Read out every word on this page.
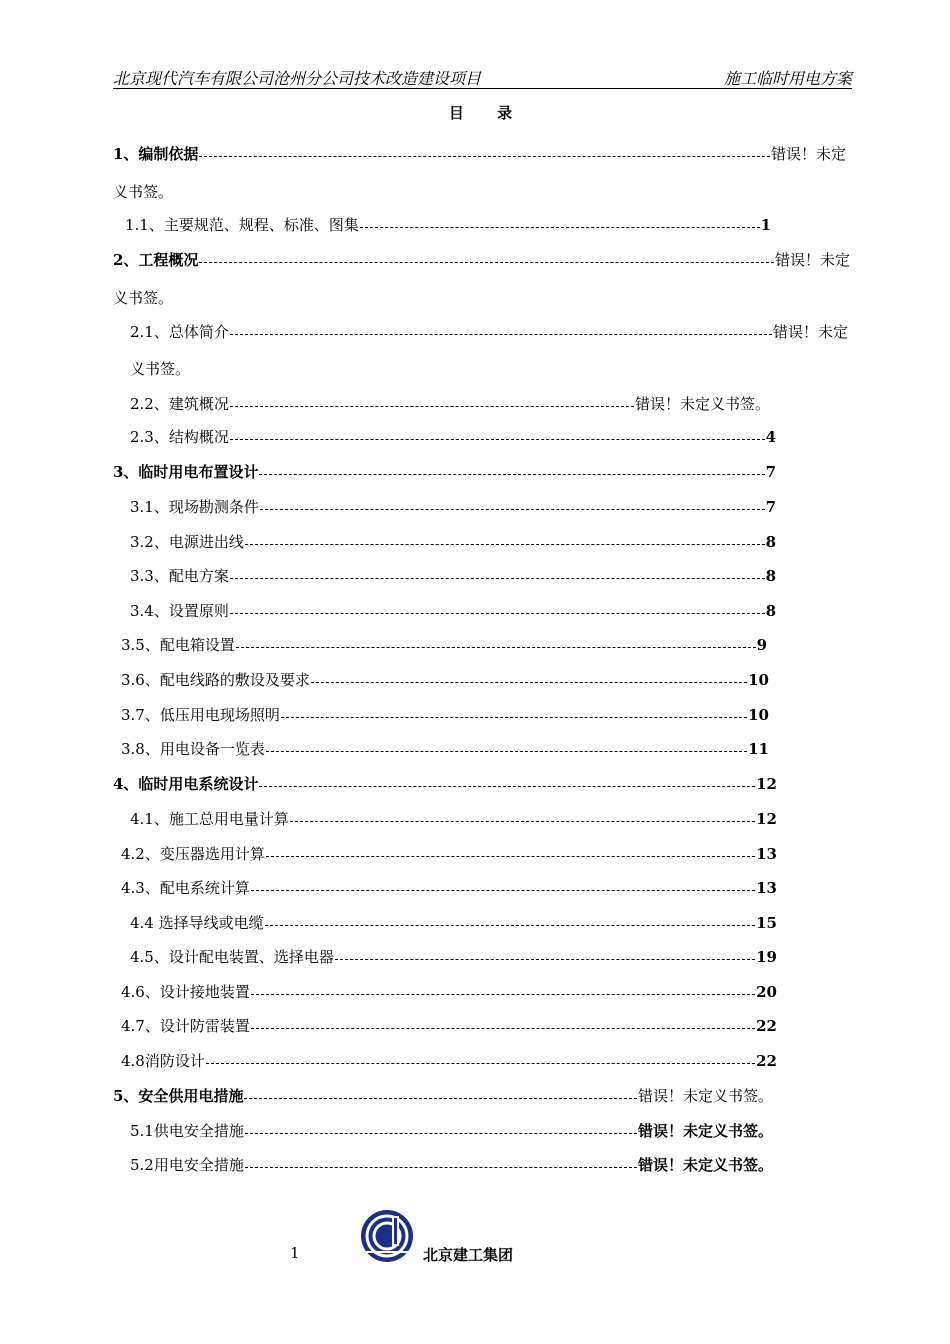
北京现代汽车有限公司沧州分公司技术改造建设项目	施工临时用电方案
目 录
1、编制依据	错误！未定
义书签。
1.1、主要规范、规程、标准、图集	1
2、工程概况	错误！未定
义书签。
2.1、总体简介	错误！未定
义书签。
2.2、建筑概况	错误！未定义书签。
2.3、结构概况	4
3、临时用电布置设计	7
3.1、现场勘测条件	7
3.2、电源进出线	8
3.3、配电方案	8
3.4、设置原则	8
3.5、配电箱设置	9
3.6、配电线路的敷设及要求	10
3.7、低压用电现场照明	10
3.8、用电设备一览表	11
4、临时用电系统设计	12
4.1、施工总用电量计算	12
4.2、变压器选用计算	13
4.3、配电系统计算	13
4.4 选择导线或电缆	15
4.5、设计配电装置、选择电器	19
4.6、设计接地装置	20
4.7、设计防雷装置	22
4.8消防设计	22
5、安全供用电措施	错误！未定义书签。
5.1供电安全措施	错误！未定义书签。
5.2用电安全措施	错误！未定义书签。
1	北京建工集团
